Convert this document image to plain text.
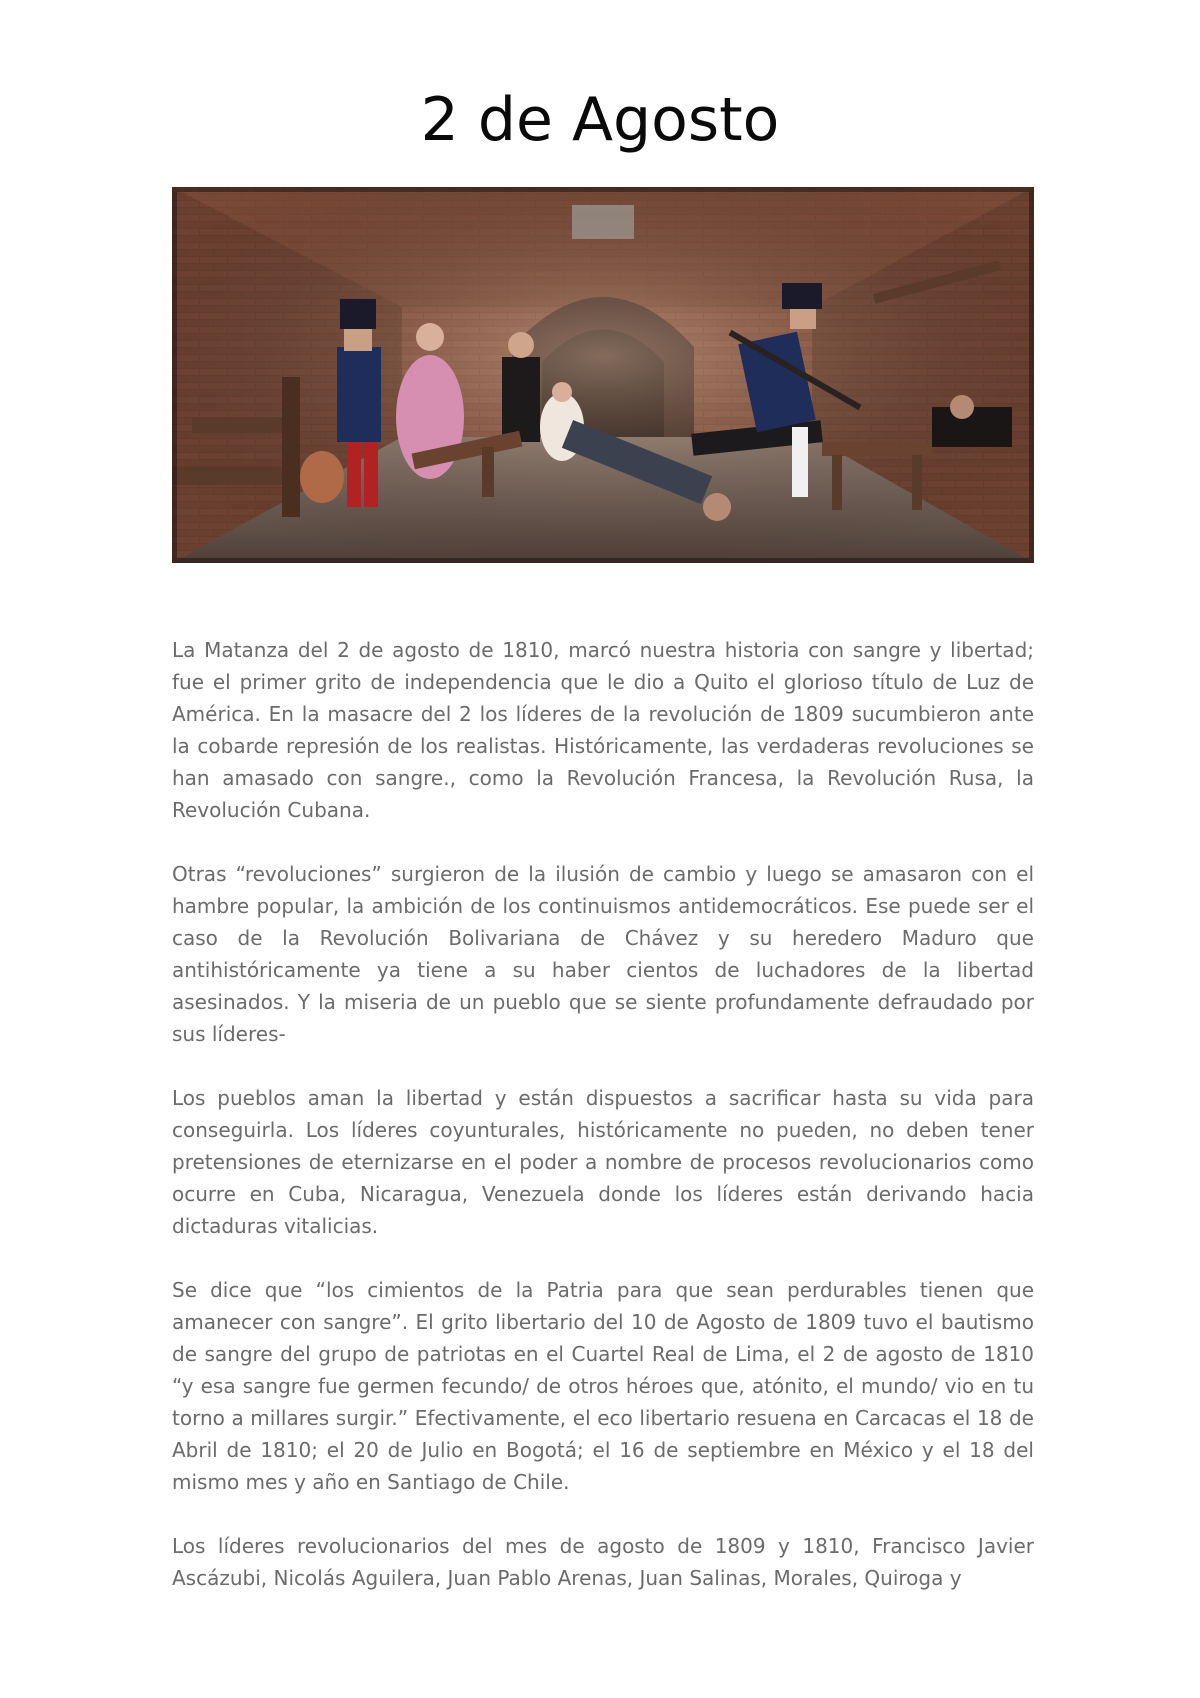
2 de Agosto

La Matanza del 2 de agosto de 1810, marcó nuestra historia con sangre y libertad; fue el primer grito de independencia que le dio a Quito el glorioso título de Luz de América. En la masacre del 2 los líderes de la revolución de 1809 sucumbieron ante la cobarde represión de los realistas. Históricamente, las verdaderas revoluciones se han amasado con sangre., como la Revolución Francesa, la Revolución Rusa, la Revolución Cubana.

Otras “revoluciones” surgieron de la ilusión de cambio y luego se amasaron con el hambre popular, la ambición de los continuismos antidemocráticos. Ese puede ser el caso de la Revolución Bolivariana de Chávez y su heredero Maduro que antihistóricamente ya tiene a su haber cientos de luchadores de la libertad asesinados. Y la miseria de un pueblo que se siente profundamente defraudado por sus líderes-

Los pueblos aman la libertad y están dispuestos a sacrificar hasta su vida para conseguirla. Los líderes coyunturales, históricamente no pueden, no deben tener pretensiones de eternizarse en el poder a nombre de procesos revolucionarios como ocurre en Cuba, Nicaragua, Venezuela donde los líderes están derivando hacia dictaduras vitalicias.

Se dice que “los cimientos de la Patria para que sean perdurables tienen que amanecer con sangre”. El grito libertario del 10 de Agosto de 1809 tuvo el bautismo de sangre del grupo de patriotas en el Cuartel Real de Lima, el 2 de agosto de 1810 “y esa sangre fue germen fecundo/ de otros héroes que, atónito, el mundo/ vio en tu torno a millares surgir.” Efectivamente, el eco libertario resuena en Carcacas el 18 de Abril de 1810; el 20 de Julio en Bogotá; el 16 de septiembre en México y el 18 del mismo mes y año en Santiago de Chile.

Los líderes revolucionarios del mes de agosto de 1809 y 1810, Francisco Javier Ascázubi, Nicolás Aguilera, Juan Pablo Arenas, Juan Salinas, Morales, Quiroga y
